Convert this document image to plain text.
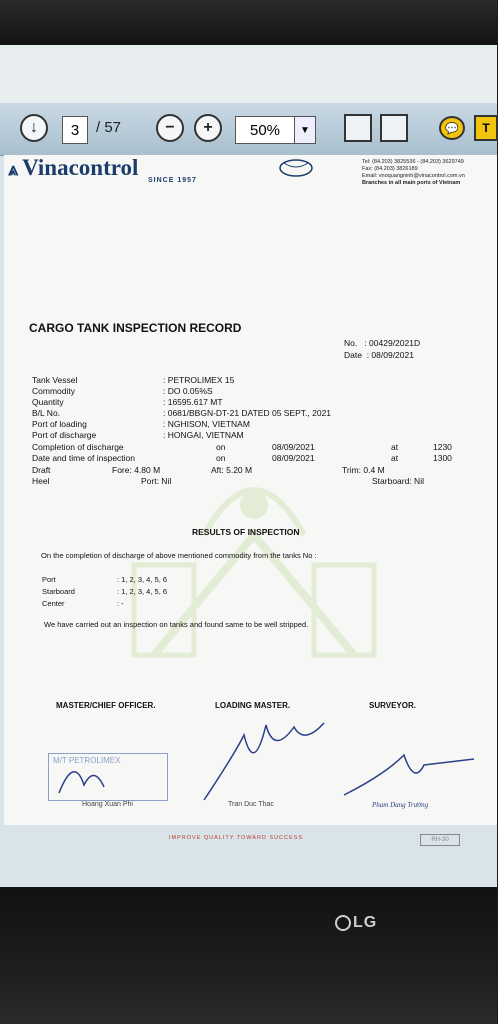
↓	3	/ 57	−	+	50%	▼	💬	T
⩓ Vinacontrol
SINCE 1957
Tel: (84.203) 3825536 - (84.203) 3629749
Fax: (84.203) 3826189
Email: vnoquangninh@vinacontrol.com.vn
Branches in all main ports of Vietnam
CARGO TANK INSPECTION RECORD
No. : 00429/2021D
Date : 08/09/2021
Tank Vessel	: PETROLIMEX 15
Commodity	: DO 0.05%S
Quantity	: 16595.617 MT
B/L No.	: 0681/BBGN-DT-21 DATED 05 SEPT., 2021
Port of loading	: NGHISON, VIETNAM
Port of discharge	: HONGAI, VIETNAM
Completion of discharge	on	08/09/2021	at	1230
Date and time of inspection	on	08/09/2021	at	1300
Draft	Fore: 4.80 M	Aft: 5.20 M	Trim: 0.4 M
Heel	Port: Nil	Starboard: Nil
RESULTS OF INSPECTION
On the completion of discharge of above mentioned commodity from the tanks No :
Port	: 1, 2, 3, 4, 5, 6
Starboard	: 1, 2, 3, 4, 5, 6
Center	: -
We have carried out an inspection on tanks and found same to be well stripped.
MASTER/CHIEF OFFICER.	LOADING MASTER.	SURVEYOR.
M/T PETROLIMEX
Hoang Xuan Phi	Tran Duc Thac	Pham Dang Trường
IMPROVE QUALITY TOWARD SUCCESS	RH-30
LG
